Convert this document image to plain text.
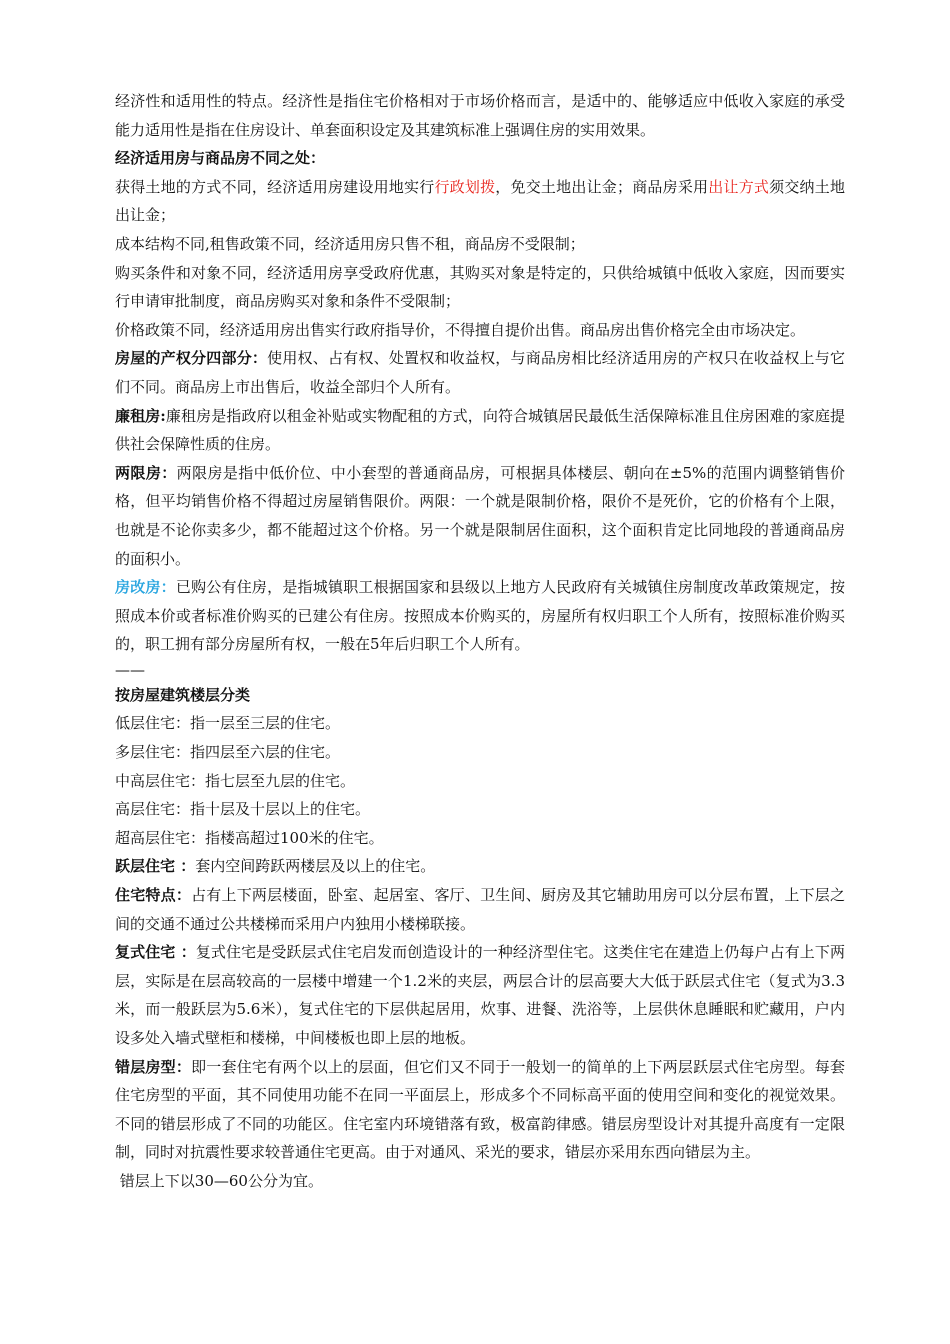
经济性和适用性的特点。经济性是指住宅价格相对于市场价格而言，是适中的、能够适应中低收入家庭的承受能力适用性是指在住房设计、单套面积设定及其建筑标准上强调住房的实用效果。

经济适用房与商品房不同之处：

获得土地的方式不同，经济适用房建设用地实行行政划拨，免交土地出让金；商品房采用出让方式须交纳土地出让金；

成本结构不同,租售政策不同，经济适用房只售不租，商品房不受限制；

购买条件和对象不同，经济适用房享受政府优惠，其购买对象是特定的，只供给城镇中低收入家庭，因而要实行申请审批制度，商品房购买对象和条件不受限制；

价格政策不同，经济适用房出售实行政府指导价，不得擅自提价出售。商品房出售价格完全由市场决定。

房屋的产权分四部分：使用权、占有权、处置权和收益权，与商品房相比经济适用房的产权只在收益权上与它们不同。商品房上市出售后，收益全部归个人所有。

廉租房:廉租房是指政府以租金补贴或实物配租的方式，向符合城镇居民最低生活保障标准且住房困难的家庭提供社会保障性质的住房。

两限房：两限房是指中低价位、中小套型的普通商品房，可根据具体楼层、朝向在±5%的范围内调整销售价格，但平均销售价格不得超过房屋销售限价。两限：一个就是限制价格，限价不是死价，它的价格有个上限，也就是不论你卖多少，都不能超过这个价格。另一个就是限制居住面积，这个面积肯定比同地段的普通商品房的面积小。

房改房：已购公有住房，是指城镇职工根据国家和县级以上地方人民政府有关城镇住房制度改革政策规定，按照成本价或者标准价购买的已建公有住房。按照成本价购买的，房屋所有权归职工个人所有，按照标准价购买的，职工拥有部分房屋所有权，一般在5年后归职工个人所有。

——

按房屋建筑楼层分类

低层住宅：指一层至三层的住宅。

多层住宅：指四层至六层的住宅。

中高层住宅：指七层至九层的住宅。

高层住宅：指十层及十层以上的住宅。

超高层住宅：指楼高超过100米的住宅。

跃层住宅 ：套内空间跨跃两楼层及以上的住宅。

住宅特点：占有上下两层楼面，卧室、起居室、客厅、卫生间、厨房及其它辅助用房可以分层布置，上下层之间的交通不通过公共楼梯而采用户内独用小楼梯联接。

复式住宅 ：复式住宅是受跃层式住宅启发而创造设计的一种经济型住宅。这类住宅在建造上仍每户占有上下两层，实际是在层高较高的一层楼中增建一个1.2米的夹层，两层合计的层高要大大低于跃层式住宅（复式为3.3米，而一般跃层为5.6米），复式住宅的下层供起居用，炊事、进餐、洗浴等，上层供休息睡眠和贮藏用，户内设多处入墙式壁柜和楼梯，中间楼板也即上层的地板。

错层房型：即一套住宅有两个以上的层面，但它们又不同于一般划一的简单的上下两层跃层式住宅房型。每套住宅房型的平面，其不同使用功能不在同一平面层上，形成多个不同标高平面的使用空间和变化的视觉效果。不同的错层形成了不同的功能区。住宅室内环境错落有致，极富韵律感。错层房型设计对其提升高度有一定限制，同时对抗震性要求较普通住宅更高。由于对通风、采光的要求，错层亦采用东西向错层为主。

错层上下以30—60公分为宜。
